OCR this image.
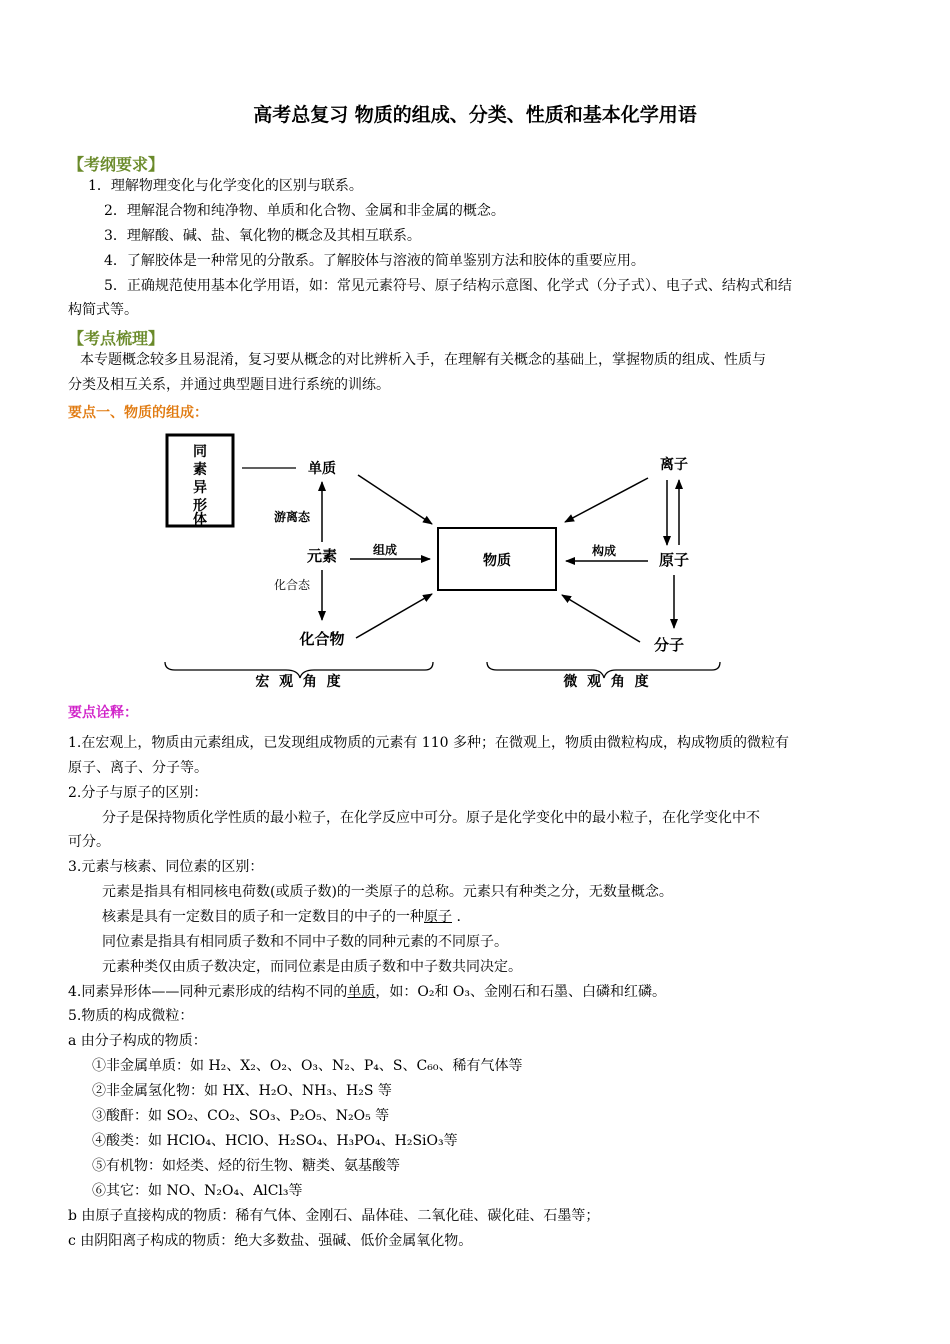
高考总复习 物质的组成、分类、性质和基本化学用语
【考纲要求】
1．理解物理变化与化学变化的区别与联系。
2．理解混合物和纯净物、单质和化合物、金属和非金属的概念。
3．理解酸、碱、盐、氧化物的概念及其相互联系。
4．了解胶体是一种常见的分散系。了解胶体与溶液的简单鉴别方法和胶体的重要应用。
5．正确规范使用基本化学用语，如：常见元素符号、原子结构示意图、化学式（分子式）、电子式、结构式和结
构简式等。
【考点梳理】
本专题概念较多且易混淆，复习要从概念的对比辨析入手，在理解有关概念的基础上，掌握物质的组成、性质与
分类及相互关系，并通过典型题目进行系统的训练。
要点一、物质的组成：
同
素
异
形
体
单质
游离态
元素
化合态
化合物
物质
组成
离子
原子
构成
分子
宏  观  角  度	微  观  角  度
要点诠释：
1.在宏观上，物质由元素组成，已发现组成物质的元素有 110 多种；在微观上，物质由微粒构成，构成物质的微粒有
原子、离子、分子等。
2.分子与原子的区别：
分子是保持物质化学性质的最小粒子，在化学反应中可分。原子是化学变化中的最小粒子，在化学变化中不
可分。
3.元素与核素、同位素的区别：
元素是指具有相同核电荷数(或质子数)的一类原子的总称。元素只有种类之分，无数量概念。
核素是具有一定数目的质子和一定数目的中子的一种原子 .
同位素是指具有相同质子数和不同中子数的同种元素的不同原子。
元素种类仅由质子数决定，而同位素是由质子数和中子数共同决定。
4.同素异形体——同种元素形成的结构不同的单质，如：O₂和 O₃、金刚石和石墨、白磷和红磷。
5.物质的构成微粒：
a 由分子构成的物质：
①非金属单质：如 H₂、X₂、O₂、O₃、N₂、P₄、S、C₆₀、稀有气体等
②非金属氢化物：如 HX、H₂O、NH₃、H₂S 等
③酸酐：如 SO₂、CO₂、SO₃、P₂O₅、N₂O₅ 等
④酸类：如 HClO₄、HClO、H₂SO₄、H₃PO₄、H₂SiO₃等
⑤有机物：如烃类、烃的衍生物、糖类、氨基酸等
⑥其它：如 NO、N₂O₄、AlCl₃等
b 由原子直接构成的物质：稀有气体、金刚石、晶体硅、二氧化硅、碳化硅、石墨等；
c 由阴阳离子构成的物质：绝大多数盐、强碱、低价金属氧化物。
